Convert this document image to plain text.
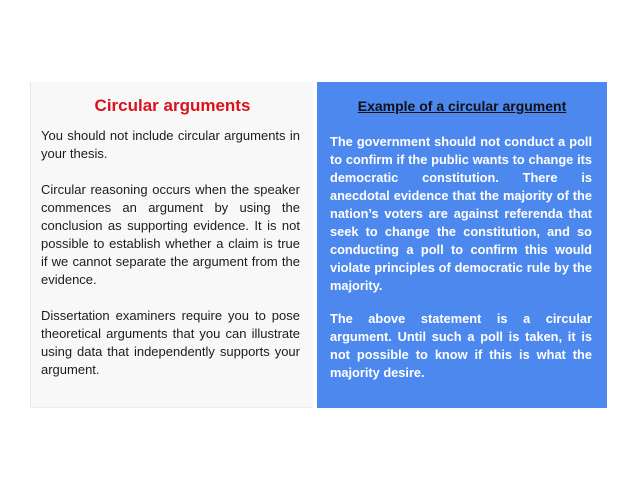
Circular arguments

You should not include circular arguments in your thesis.

Circular reasoning occurs when the speaker commences an argument by using the conclusion as supporting evidence. It is not possible to establish whether a claim is true if we cannot separate the argument from the evidence.

Dissertation examiners require you to pose theoretical arguments that you can illustrate using data that independently supports your argument.

Example of a circular argument

The government should not conduct a poll to confirm if the public wants to change its democratic constitution. There is anecdotal evidence that the majority of the nation’s voters are against referenda that seek to change the constitution, and so conducting a poll to confirm this would violate principles of democratic rule by the majority.

The above statement is a circular argument. Until such a poll is taken, it is not possible to know if this is what the majority desire.
